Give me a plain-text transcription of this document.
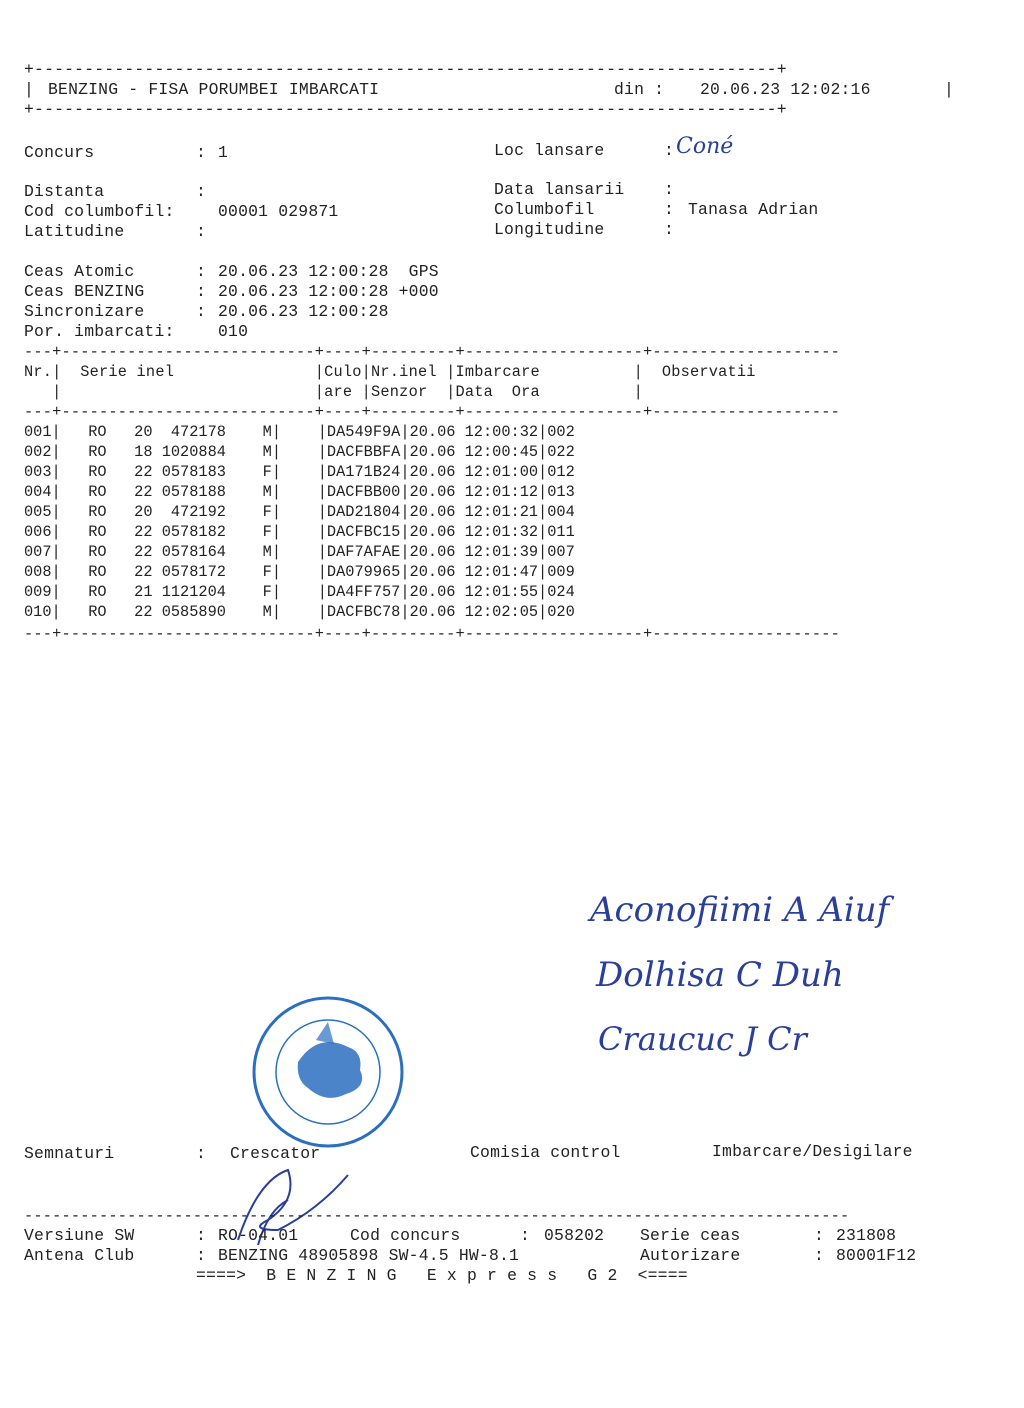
+--------------------------------------------------------------------------+
| BENZING - FISA PORUMBEI IMBARCATI	din : 20.06.23 12:02:16	|
+--------------------------------------------------------------------------+
Concurs	: 1	Loc lansare	: Coné
Distanta	:	Data lansarii :
Cod columbofil:	00001 029871	Columbofil	: Tanasa Adrian
Latitudine	:	Longitudine	:
Ceas Atomic	: 20.06.23 12:00:28  GPS
Ceas BENZING	: 20.06.23 12:00:28 +000
Sincronizare	: 20.06.23 12:00:28
Por. imbarcati:	010
---+---------------------------+----+---------+-------------------+--------------------
Nr.|  Serie inel               |Culo|Nr.inel |Imbarcare          |  Observatii
|                           |are |Senzor  |Data  Ora          |
---+---------------------------+----+---------+-------------------+--------------------
001|   RO   20  472178    M|    |DA549F9A|20.06 12:00:32|002
002|   RO   18 1020884    M|    |DACFBBFA|20.06 12:00:45|022
003|   RO   22 0578183    F|    |DA171B24|20.06 12:01:00|012
004|   RO   22 0578188    M|    |DACFBB00|20.06 12:01:12|013
005|   RO   20  472192    F|    |DAD21804|20.06 12:01:21|004
006|   RO   22 0578182    F|    |DACFBC15|20.06 12:01:32|011
007|   RO   22 0578164    M|    |DAF7AFAE|20.06 12:01:39|007
008|   RO   22 0578172    F|    |DA079965|20.06 12:01:47|009
009|   RO   21 1121204    F|    |DA4FF757|20.06 12:01:55|024
010|   RO   22 0585890    M|    |DACFBC78|20.06 12:02:05|020
---+---------------------------+----+---------+-------------------+--------------------
Aconofiimi A Aiuf
Dolhisa C Duh
Craucuc J Cr
Semnaturi	: Crescator	Comisia control	Imbarcare/Desigilare
----------------------------------------------------------------------------------------
Versiune SW	: RO-04.01	Cod concurs	: 058202 Serie ceas	: 231808
Antena Club	: BENZING 48905898 SW-4.5 HW-8.1	Autorizare	: 80001F12
====>  B E N Z I N G   E x p r e s s   G 2  <====
